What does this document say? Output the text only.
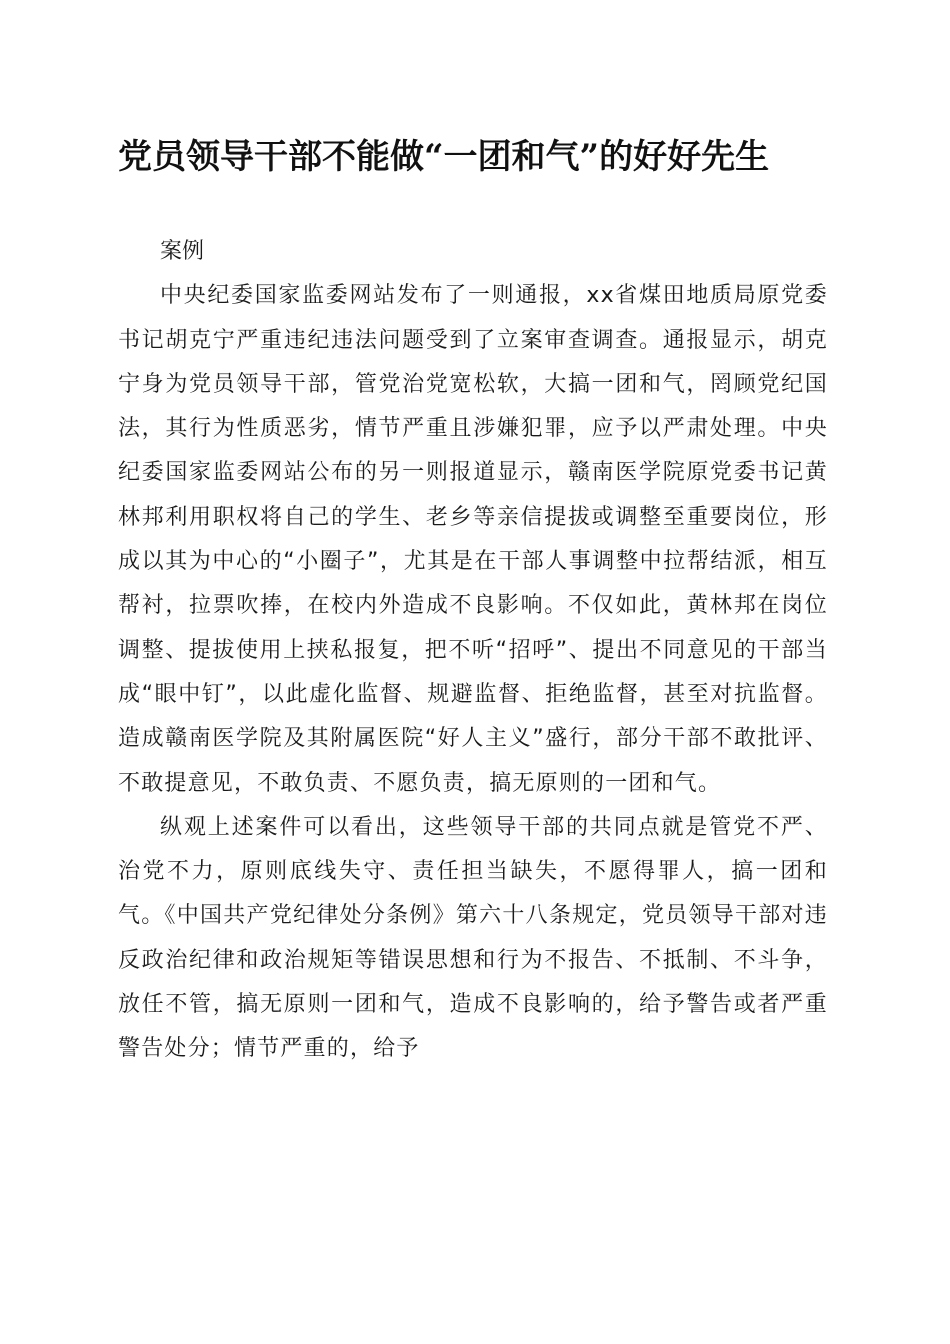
党员领导干部不能做“一团和气”的好好先生

案例

中央纪委国家监委网站发布了一则通报，xx省煤田地质局原党委书记胡克宁严重违纪违法问题受到了立案审查调查。通报显示，胡克宁身为党员领导干部，管党治党宽松软，大搞一团和气，罔顾党纪国法，其行为性质恶劣，情节严重且涉嫌犯罪，应予以严肃处理。中央纪委国家监委网站公布的另一则报道显示，赣南医学院原党委书记黄林邦利用职权将自己的学生、老乡等亲信提拔或调整至重要岗位，形成以其为中心的“小圈子”，尤其是在干部人事调整中拉帮结派，相互帮衬，拉票吹捧，在校内外造成不良影响。不仅如此，黄林邦在岗位调整、提拔使用上挟私报复，把不听“招呼”、提出不同意见的干部当成“眼中钉”，以此虚化监督、规避监督、拒绝监督，甚至对抗监督。造成赣南医学院及其附属医院“好人主义”盛行，部分干部不敢批评、不敢提意见，不敢负责、不愿负责，搞无原则的一团和气。

纵观上述案件可以看出，这些领导干部的共同点就是管党不严、治党不力，原则底线失守、责任担当缺失，不愿得罪人，搞一团和气。《中国共产党纪律处分条例》第六十八条规定，党员领导干部对违反政治纪律和政治规矩等错误思想和行为不报告、不抵制、不斗争，放任不管，搞无原则一团和气，造成不良影响的，给予警告或者严重警告处分；情节严重的，给予
